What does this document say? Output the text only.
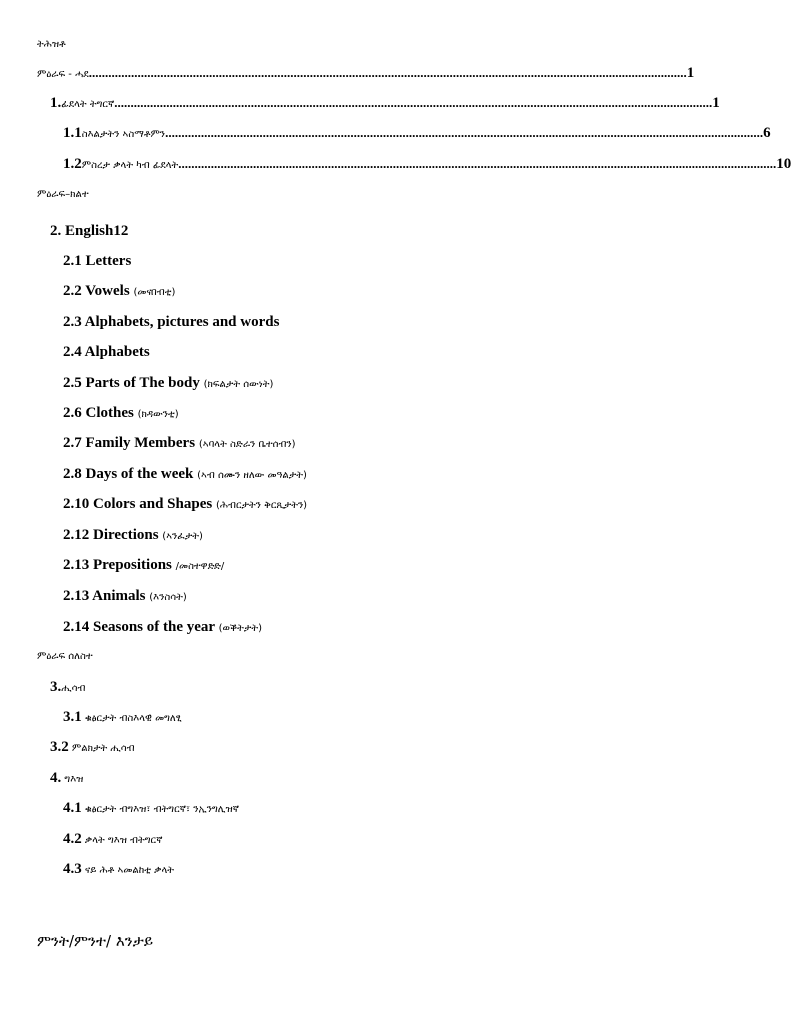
ትሕዝቶ
ምዕራፍ - ሓደ ........................................................................................................................................................................................ 1
1. ፊደላት ትግርኛ ........................................................................................................................................................................................ 1
1.1 ስእልታትን ኣስማቶምን ........................................................................................................................................................................................ 6
1.2 ምስረታ ቃላት ካብ ፊደላት ........................................................................................................................................................................................ 10
ምዕራፍ–ክልተ
2. English12
2.1 Letters
2.2 Vowels (መናበብቲ)
2.3 Alphabets, pictures and words
2.4 Alphabets
2.5 Parts of The body (ክፍልታት ሰውነት)
2.6 Clothes (ክዳውንቲ)
2.7 Family Members (ኣባላት ስድራን ቤተሰብን)
2.8 Days of the week (ኣብ ሰሙን ዘለው መዓልታት)
2.10 Colors and Shapes (ሕብርታትን ቅርጺታትን)
2.12 Directions (ኣንፈታት)
2.13 Prepositions /መስተዋድድ/
2.13 Animals (እንስሳት)
2.14 Seasons of the year (ወቕትታት)
ምዕራፍ ሰለስተ
3.ሒሳብ
3.1 ቁፅርታት ብስእላዊ መግለፂ
3.2 ምልክታት ሒሳብ
4. ግእዝ
4.1 ቁፅርታት ብግእዝ፣ ብትግርኛ፣ ንኢንግሊዝኛ
4.2 ቃላት ግእዝ ብትግርኛ
4.3 ናይ ሕቶ ኣመልከቲ ቃላት
ምንት/ምንተ/ እንታይ
